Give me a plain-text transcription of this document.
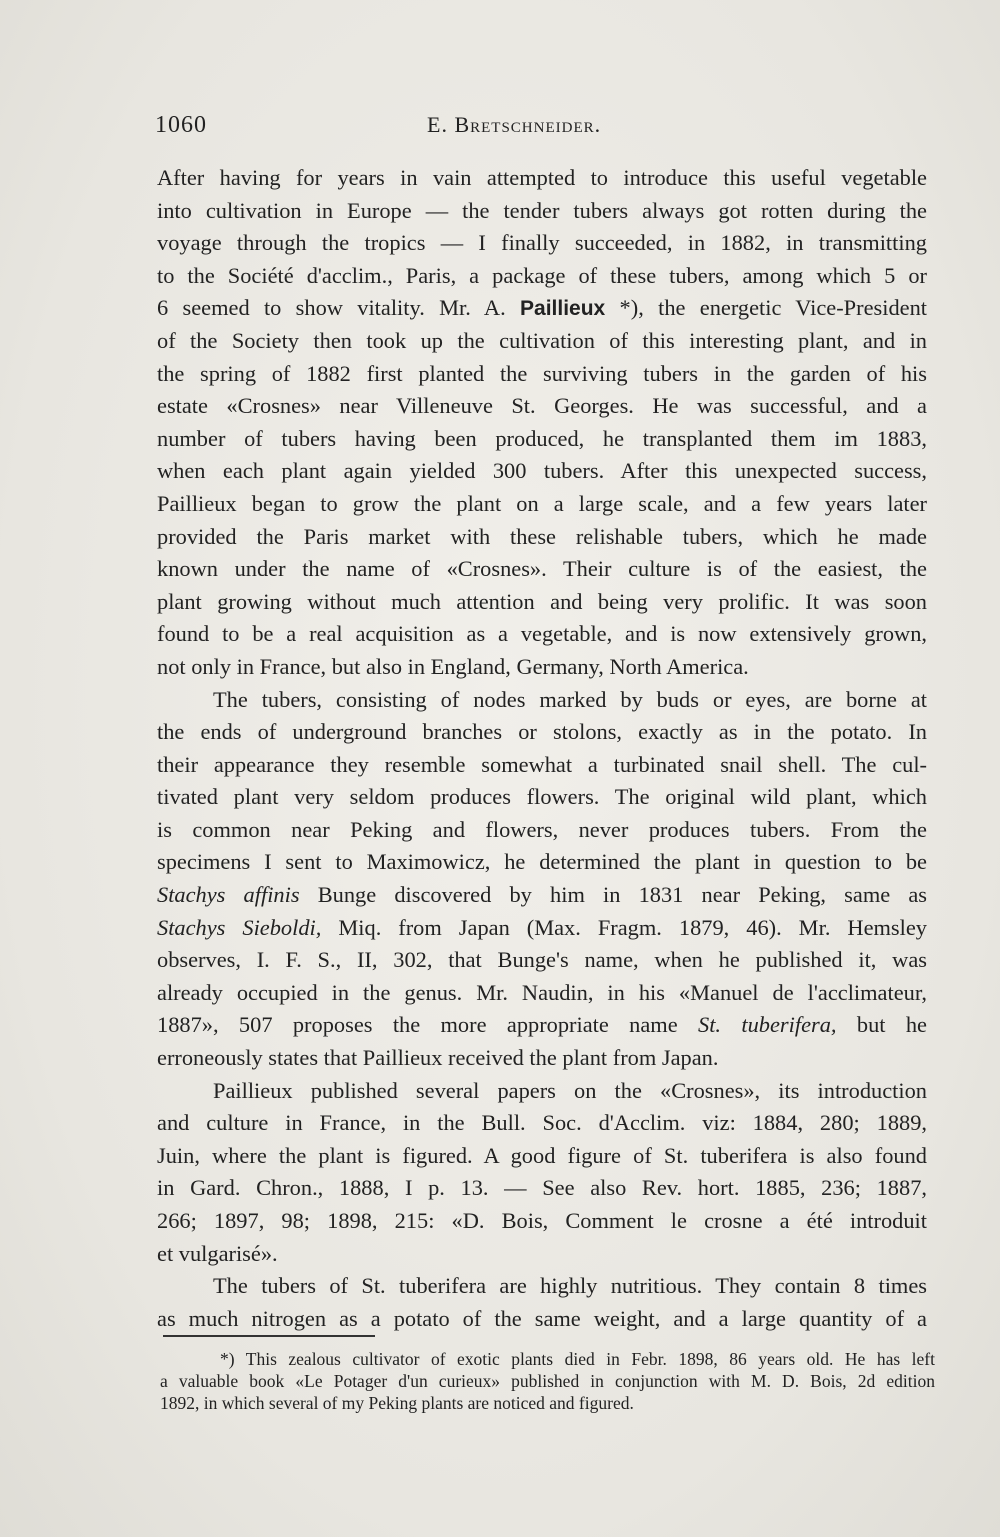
1060	E. Bretschneider.
After having for years in vain attempted to introduce this useful vegetable
into cultivation in Europe — the tender tubers always got rotten during the
voyage through the tropics — I finally succeeded, in 1882, in transmitting
to the Société d'acclim., Paris, a package of these tubers, among which 5 or
6 seemed to show vitality. Mr. A. Paillieux *), the energetic Vice-President
of the Society then took up the cultivation of this interesting plant, and in
the spring of 1882 first planted the surviving tubers in the garden of his
estate «Crosnes» near Villeneuve St. Georges. He was successful, and a
number of tubers having been produced, he transplanted them im 1883,
when each plant again yielded 300 tubers. After this unexpected success,
Paillieux began to grow the plant on a large scale, and a few years later
provided the Paris market with these relishable tubers, which he made
known under the name of «Crosnes». Their culture is of the easiest, the
plant growing without much attention and being very prolific. It was soon
found to be a real acquisition as a vegetable, and is now extensively grown,
not only in France, but also in England, Germany, North America.
The tubers, consisting of nodes marked by buds or eyes, are borne at
the ends of underground branches or stolons, exactly as in the potato. In
their appearance they resemble somewhat a turbinated snail shell. The cul-
tivated plant very seldom produces flowers. The original wild plant, which
is common near Peking and flowers, never produces tubers. From the
specimens I sent to Maximowicz, he determined the plant in question to be
Stachys affinis Bunge discovered by him in 1831 near Peking, same as
Stachys Sieboldi, Miq. from Japan (Max. Fragm. 1879, 46). Mr. Hemsley
observes, I. F. S., II, 302, that Bunge's name, when he published it, was
already occupied in the genus. Mr. Naudin, in his «Manuel de l'acclimateur,
1887», 507 proposes the more appropriate name St. tuberifera, but he
erroneously states that Paillieux received the plant from Japan.
Paillieux published several papers on the «Crosnes», its introduction
and culture in France, in the Bull. Soc. d'Acclim. viz: 1884, 280; 1889,
Juin, where the plant is figured. A good figure of St. tuberifera is also found
in Gard. Chron., 1888, I p. 13. — See also Rev. hort. 1885, 236; 1887,
266; 1897, 98; 1898, 215: «D. Bois, Comment le crosne a été introduit
et vulgarisé».
The tubers of St. tuberifera are highly nutritious. They contain 8 times
as much nitrogen as a potato of the same weight, and a large quantity of a
*) This zealous cultivator of exotic plants died in Febr. 1898, 86 years old. He has left
a valuable book «Le Potager d'un curieux» published in conjunction with M. D. Bois, 2d edition
1892, in which several of my Peking plants are noticed and figured.
